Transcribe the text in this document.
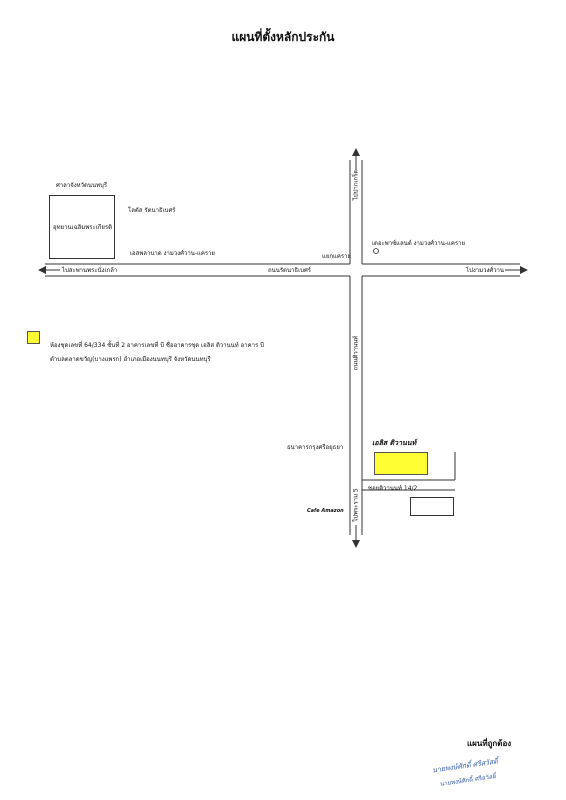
แผนที่ตั้งหลักประกัน
อุทยานเฉลิมพระเกียรติ
ศาลาจังหวัดนนทบุรี
โลตัส รัตนาธิเบศร์
เอสพลานาด งามวงศ์วาน-แคราย	แยกแคราย
เดอะพาซ์แลนด์ งามวงศ์วาน-แคราย
ไปสะพานพระนั่งเกล้า	ถนนรัตนาธิเบศร์	ไปงามวงศ์วาน
ไปปากเกร็ด
ถนนติวานนท์
ไปพระราม 5
ห้องชุดเลขที่ 64/334 ชั้นที่ 2 อาคารเลขที่ บี ชื่ออาคารชุด เอลิส ติวานนท์ อาคาร บี
ตำบลตลาดขวัญ(บางแพรก) อำเภอเมืองนนทบุรี จังหวัดนนทบุรี
ธนาคารกรุงศรีอยุธยา
เอลิส ติวานนท์
ซอยติวานนท์ 14/2
Cafe Amazon
แผนที่ถูกต้อง
นายพงษ์ศักดิ์ ศรีสวัสดิ์
นายพงษ์ศักดิ์ ศรีสวัสดิ์
